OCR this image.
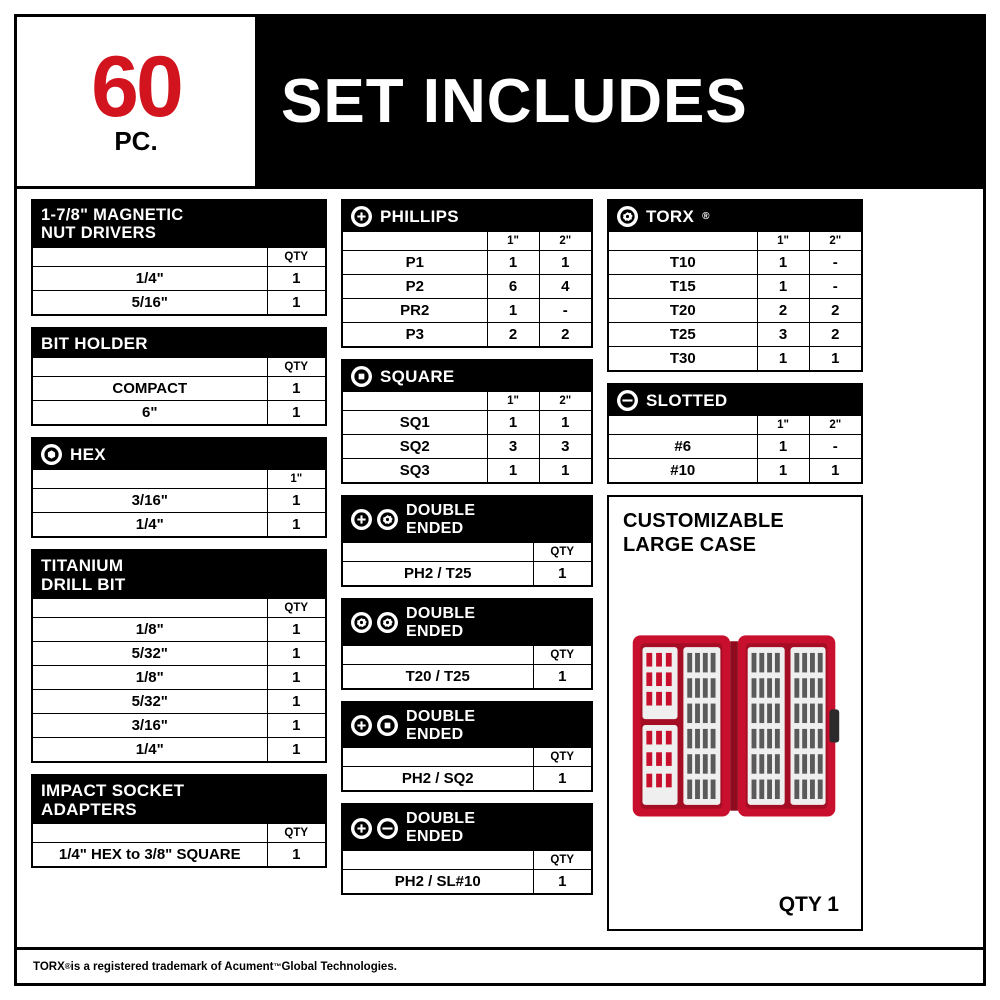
60
PC.
SET INCLUDES
1-7/8" MAGNETIC
NUT DRIVERS
	QTY
1/4"	1
5/16"	1
BIT HOLDER
	QTY
COMPACT	1
6"	1
HEX
	1"
3/16"	1
1/4"	1
TITANIUM
DRILL BIT
	QTY
1/8"	1
5/32"	1
1/8"	1
5/32"	1
3/16"	1
1/4"	1
IMPACT SOCKET
ADAPTERS
	QTY
1/4" HEX to 3/8" SQUARE	1
PHILLIPS
	1"	2"
P1	1	1
P2	6	4
PR2	1	-
P3	2	2
SQUARE
	1"	2"
SQ1	1	1
SQ2	3	3
SQ3	1	1
DOUBLE
ENDED
	QTY
PH2 / T25	1
DOUBLE
ENDED
	QTY
T20 / T25	1
DOUBLE
ENDED
	QTY
PH2 / SQ2	1
DOUBLE
ENDED
	QTY
PH2 / SL#10	1
TORX ®
	1"	2"
T10	1	-
T15	1	-
T20	2	2
T25	3	2
T30	1	1
SLOTTED
	1"	2"
#6	1	-
#10	1	1
CUSTOMIZABLE
LARGE CASE
QTY 1
TORX ® is a registered trademark of Acument ™ Global Technologies.
